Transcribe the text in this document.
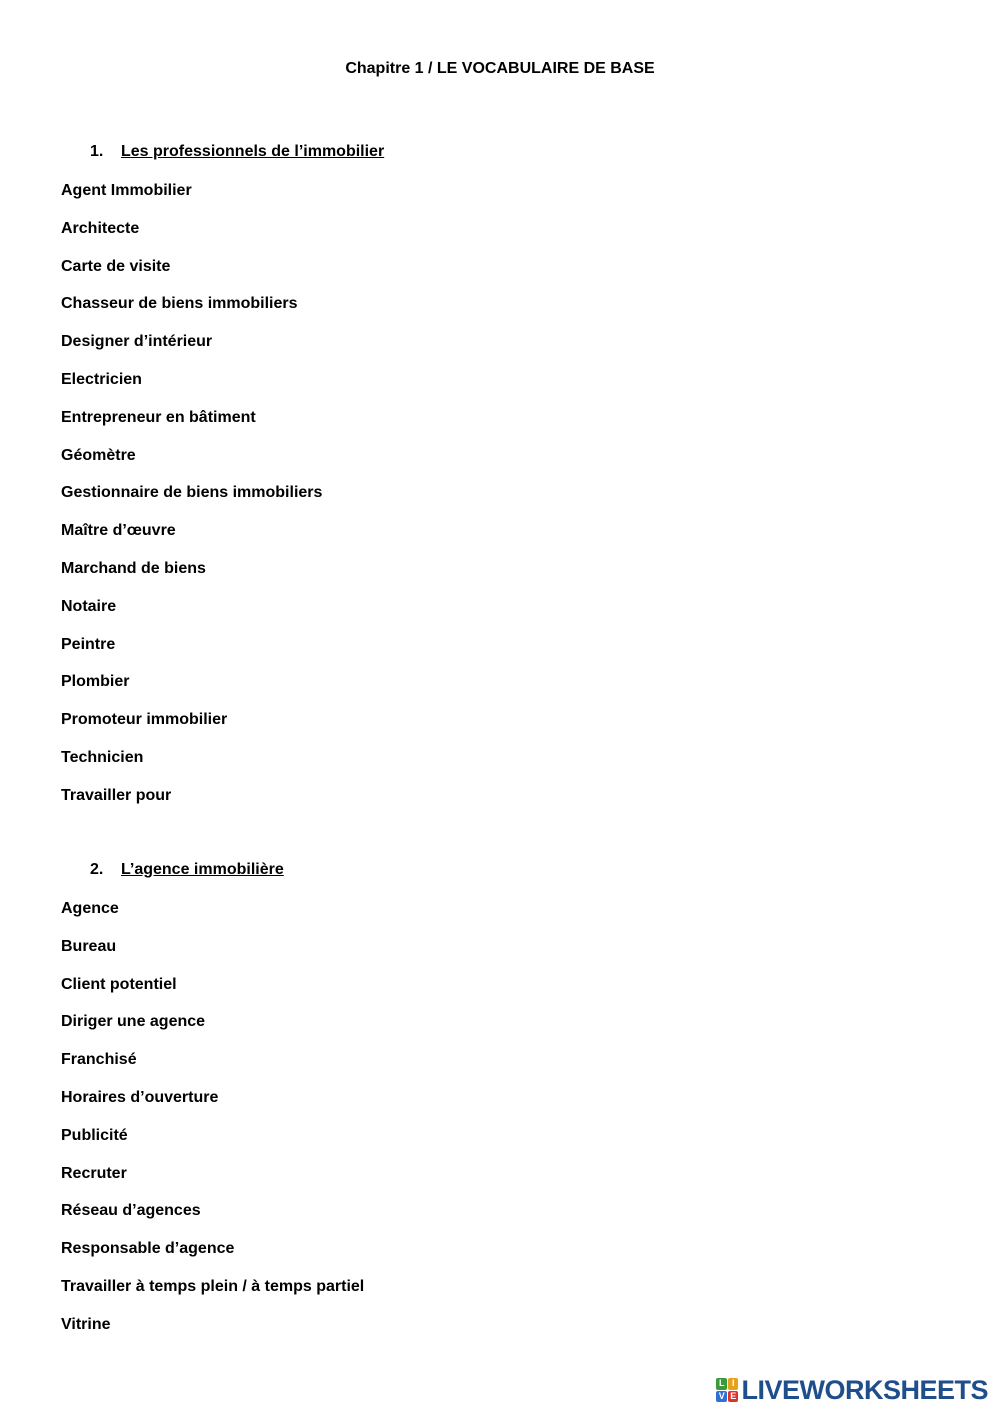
Chapitre 1 / LE VOCABULAIRE DE BASE
1. Les professionnels de l’immobilier
Agent Immobilier
Architecte
Carte de visite
Chasseur de biens immobiliers
Designer d’intérieur
Electricien
Entrepreneur en bâtiment
Géomètre
Gestionnaire de biens immobiliers
Maître d’œuvre
Marchand de biens
Notaire
Peintre
Plombier
Promoteur immobilier
Technicien
Travailler pour
2. L’agence immobilière
Agence
Bureau
Client potentiel
Diriger une agence
Franchisé
Horaires d’ouverture
Publicité
Recruter
Réseau d’agences
Responsable d’agence
Travailler à temps plein / à temps partiel
Vitrine
L I
V E LIVEWORKSHEETS
